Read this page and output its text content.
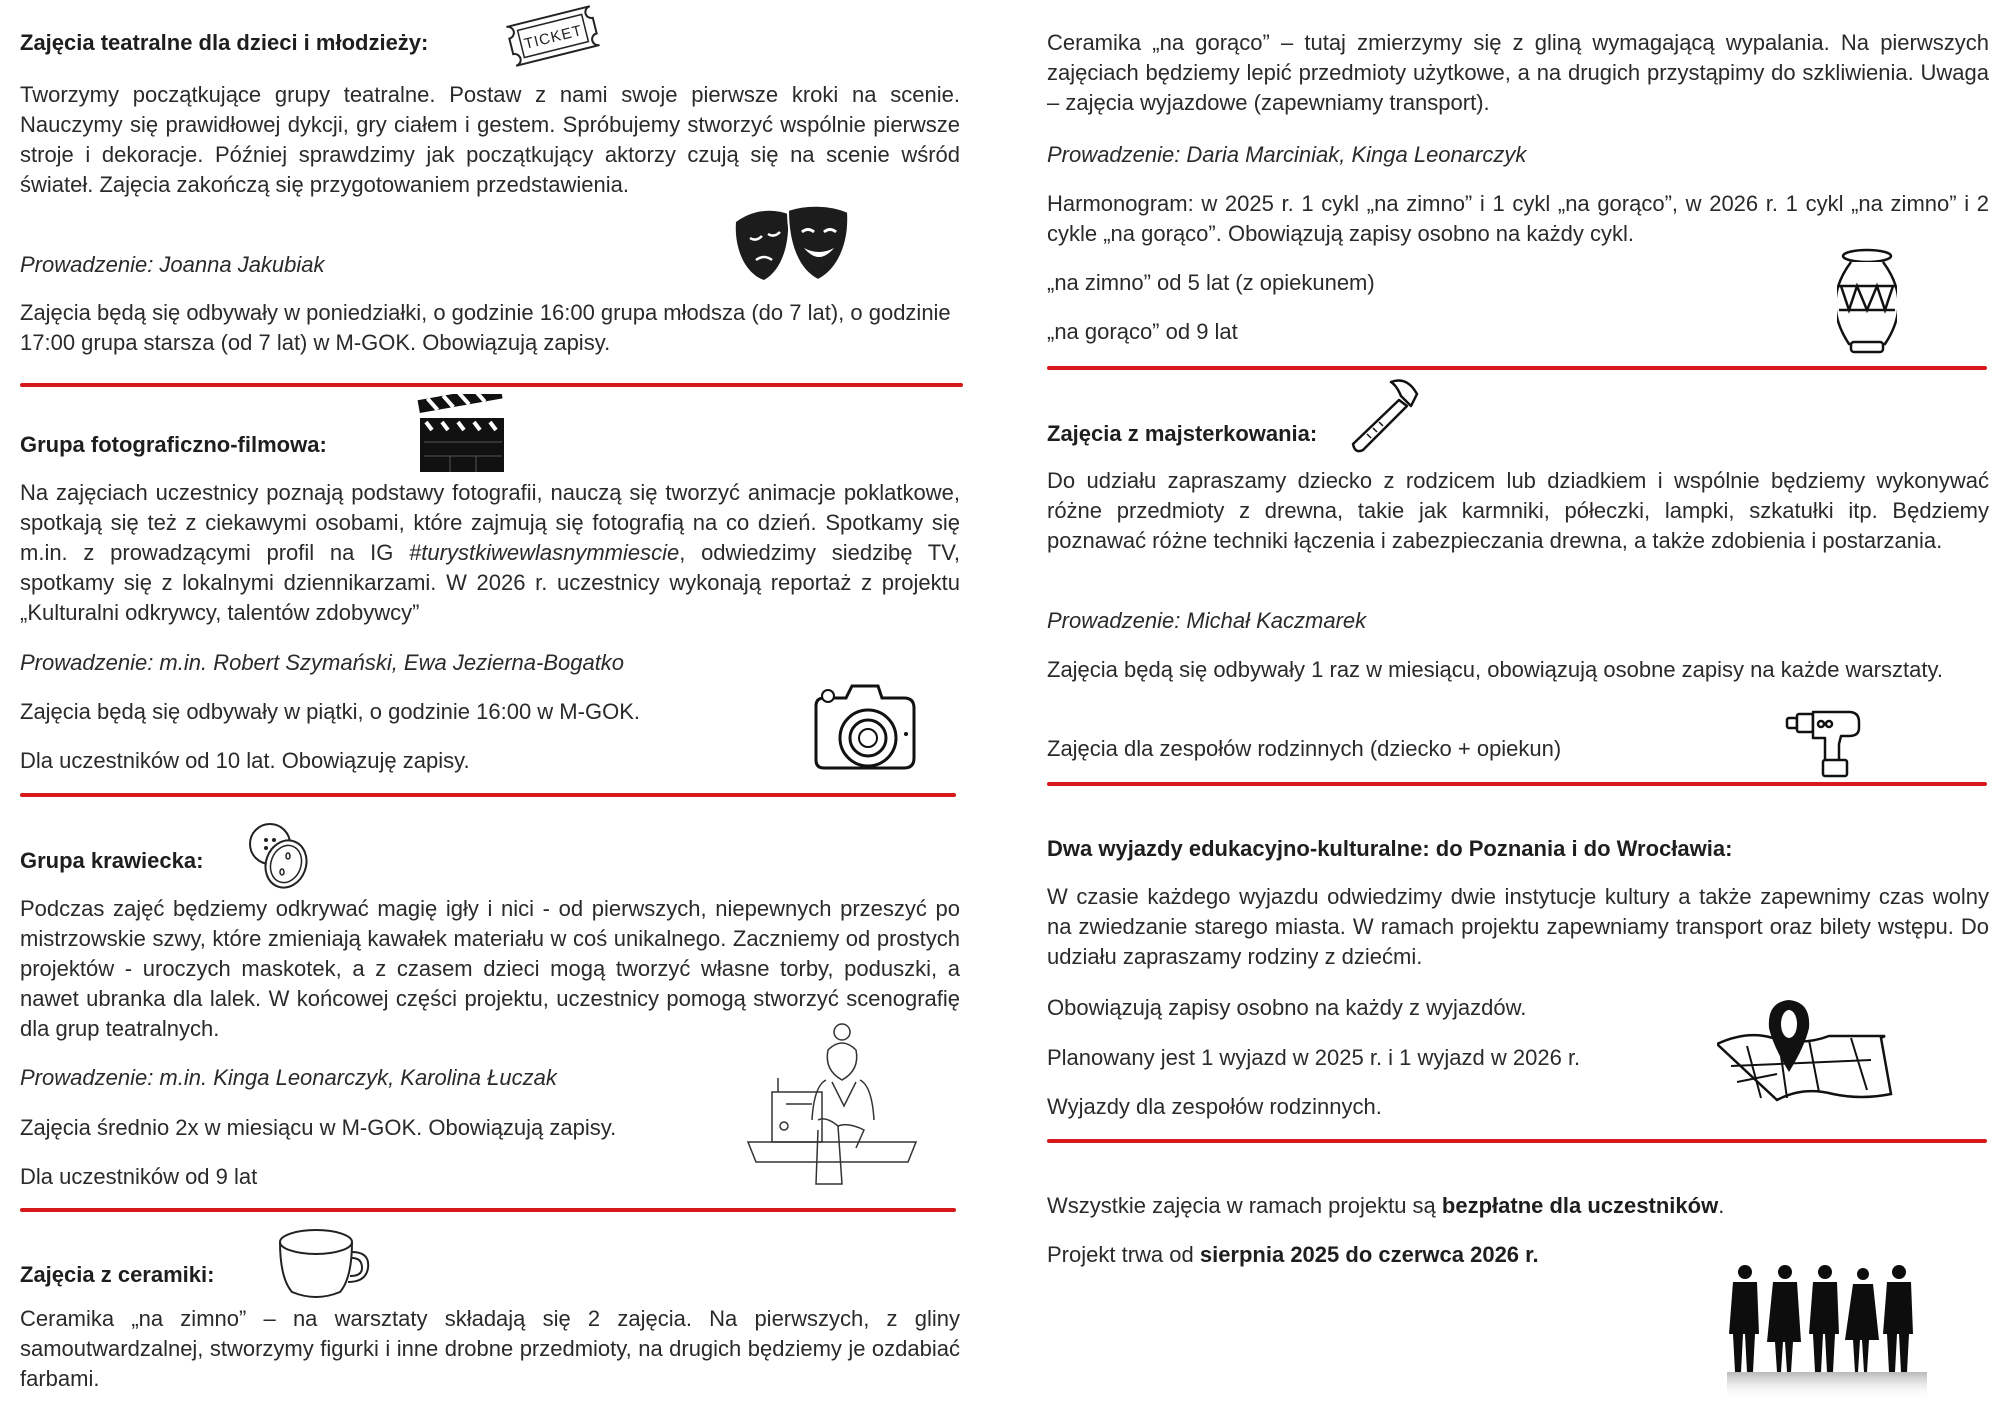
Zajęcia teatralne dla dzieci i młodzieży:	TICKET

Tworzymy początkujące grupy teatralne. Postaw z nami swoje pierwsze kroki na scenie. Nauczymy się prawidłowej dykcji, gry ciałem i gestem. Spróbujemy stworzyć wspólnie pierwsze stroje i dekoracje. Później sprawdzimy jak początkujący aktorzy czują się na scenie wśród świateł. Zajęcia zakończą się przygotowaniem przedstawienia.

Prowadzenie: Joanna Jakubiak

Zajęcia będą się odbywały w poniedziałki, o godzinie 16:00 grupa młodsza (do 7 lat), o godzinie 17:00 grupa starsza (od 7 lat) w M-GOK. Obowiązują zapisy.

Grupa fotograficzno-filmowa:

Na zajęciach uczestnicy poznają podstawy fotografii, nauczą się tworzyć animacje poklatkowe, spotkają się też z ciekawymi osobami, które zajmują się fotografią na co dzień. Spotkamy się m.in. z prowadzącymi profil na IG #turystkiwewlasnymmiescie, odwiedzimy siedzibę TV, spotkamy się z lokalnymi dziennikarzami. W 2026 r. uczestnicy wykonają reportaż z projektu „Kulturalni odkrywcy, talentów zdobywcy”

Prowadzenie: m.in. Robert Szymański, Ewa Jezierna-Bogatko

Zajęcia będą się odbywały w piątki, o godzinie 16:00 w M-GOK.

Dla uczestników od 10 lat. Obowiązuję zapisy.

Grupa krawiecka:

Podczas zajęć będziemy odkrywać magię igły i nici - od pierwszych, niepewnych przeszyć po mistrzowskie szwy, które zmieniają kawałek materiału w coś unikalnego. Zaczniemy od prostych projektów - uroczych maskotek, a z czasem dzieci mogą tworzyć własne torby, poduszki, a nawet ubranka dla lalek. W końcowej części projektu, uczestnicy pomogą stworzyć scenografię dla grup teatralnych.

Prowadzenie: m.in. Kinga Leonarczyk, Karolina Łuczak

Zajęcia średnio 2x w miesiącu w M-GOK. Obowiązują zapisy.

Dla uczestników od 9 lat

Zajęcia z ceramiki:

Ceramika „na zimno” – na warsztaty składają się 2 zajęcia. Na pierwszych, z gliny samoutwardzalnej, stworzymy figurki i inne drobne przedmioty, na drugich będziemy je ozdabiać farbami.

Ceramika „na gorąco” – tutaj zmierzymy się z gliną wymagającą wypalania. Na pierwszych zajęciach będziemy lepić przedmioty użytkowe, a na drugich przystąpimy do szkliwienia. Uwaga – zajęcia wyjazdowe (zapewniamy transport).

Prowadzenie: Daria Marciniak, Kinga Leonarczyk

Harmonogram: w 2025 r. 1 cykl „na zimno” i 1 cykl „na gorąco”, w 2026 r. 1 cykl „na zimno” i 2 cykle „na gorąco”. Obowiązują zapisy osobno na każdy cykl.

„na zimno” od 5 lat (z opiekunem)

„na gorąco” od 9 lat

Zajęcia z majsterkowania:

Do udziału zapraszamy dziecko z rodzicem lub dziadkiem i wspólnie będziemy wykonywać różne przedmioty z drewna, takie jak karmniki, półeczki, lampki, szkatułki itp. Będziemy poznawać różne techniki łączenia i zabezpieczania drewna, a także zdobienia i postarzania.

Prowadzenie: Michał Kaczmarek

Zajęcia będą się odbywały 1 raz w miesiącu, obowiązują osobne zapisy na każde warsztaty.

Zajęcia dla zespołów rodzinnych (dziecko + opiekun)

Dwa wyjazdy edukacyjno-kulturalne: do Poznania i do Wrocławia:

W czasie każdego wyjazdu odwiedzimy dwie instytucje kultury a także zapewnimy czas wolny na zwiedzanie starego miasta. W ramach projektu zapewniamy transport oraz bilety wstępu. Do udziału zapraszamy rodziny z dziećmi.

Obowiązują zapisy osobno na każdy z wyjazdów.

Planowany jest 1 wyjazd w 2025 r. i 1 wyjazd w 2026 r.

Wyjazdy dla zespołów rodzinnych.

Wszystkie zajęcia w ramach projektu są bezpłatne dla uczestników.

Projekt trwa od sierpnia 2025 do czerwca 2026 r.
